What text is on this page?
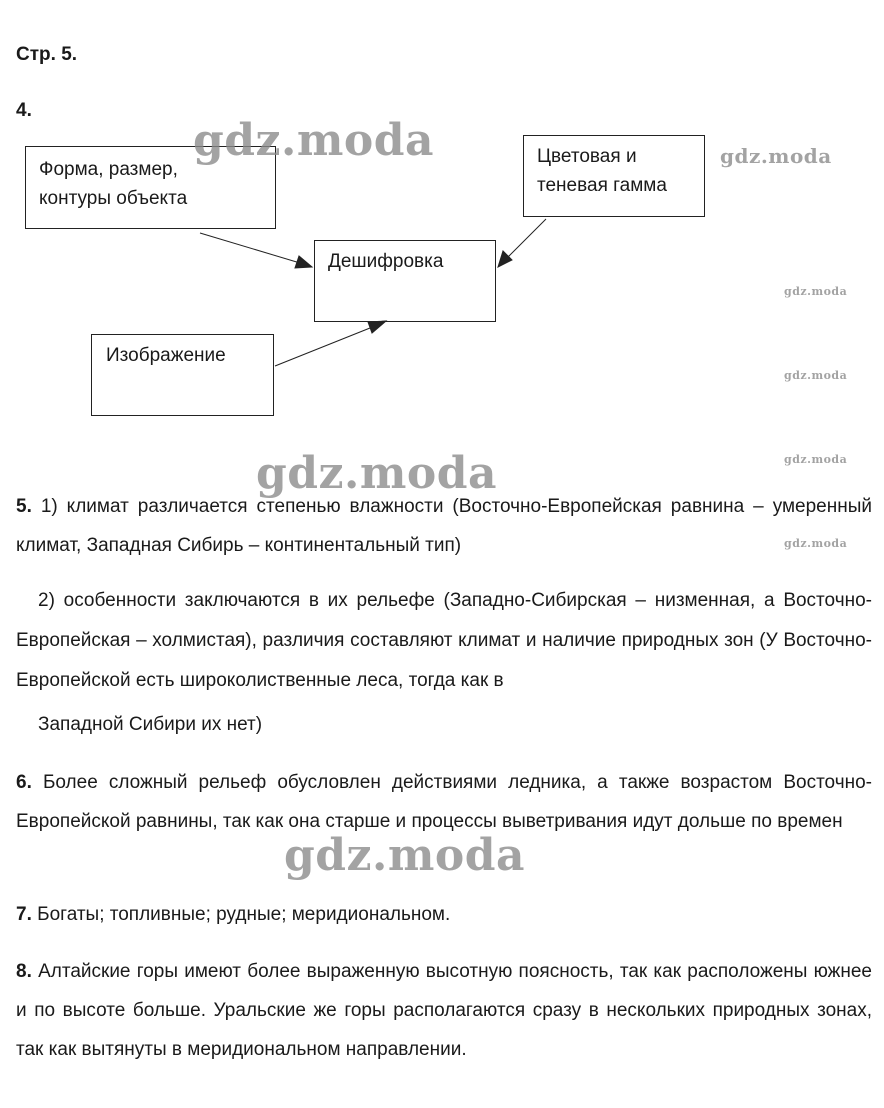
Стр. 5.
4.
Форма, размер,
контуры объекта
Цветовая и
теневая гамма
Дешифровка
Изображение

5. 1) климат различается степенью влажности (Восточно-Европейская равнина – умеренный климат, Западная Сибирь – континентальный тип)

2) особенности заключаются в их рельефе (Западно-Сибирская – низменная, а Восточно-Европейская – холмистая), различия составляют климат и наличие природных зон (У Восточно-Европейской есть широколиственные леса, тогда как в
Западной Сибири их нет)

6. Более сложный рельеф обусловлен действиями ледника, а также возрастом Восточно-Европейской равнины, так как она старше и процессы выветривания идут дольше по времен

7. Богаты; топливные; рудные; меридиональном.

8. Алтайские горы имеют более выраженную высотную поясность, так как расположены южнее и по высоте больше. Уральские же горы располагаются сразу в нескольких природных зонах, так как вытянуты в меридиональном направлении.

gdz.moda	gdz.moda
gdz.moda
gdz.moda
gdz.moda	gdz.moda
gdz.moda
gdz.moda
